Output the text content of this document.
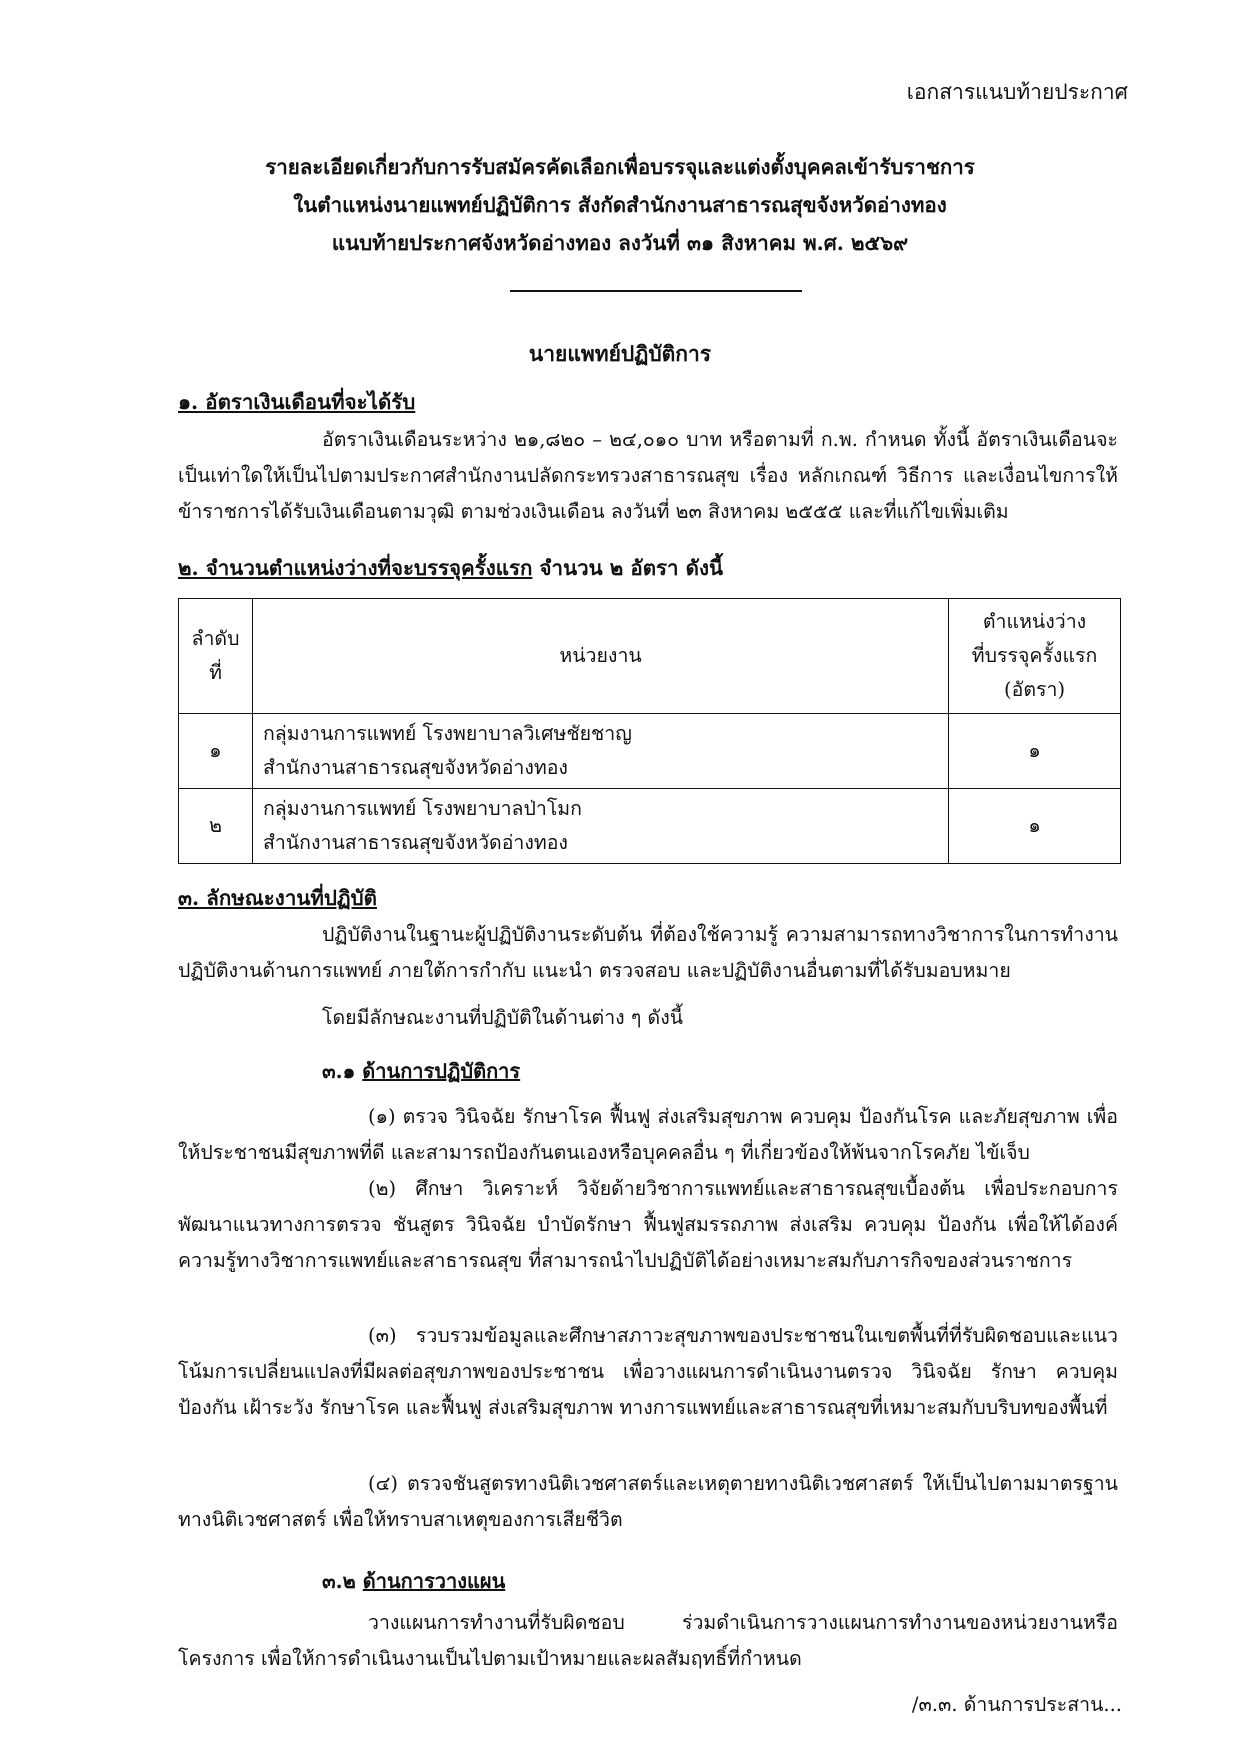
เอกสารแนบท้ายประกาศ
รายละเอียดเกี่ยวกับการรับสมัครคัดเลือกเพื่อบรรจุและแต่งตั้งบุคคลเข้ารับราชการ
ในตำแหน่งนายแพทย์ปฏิบัติการ สังกัดสำนักงานสาธารณสุขจังหวัดอ่างทอง
แนบท้ายประกาศจังหวัดอ่างทอง ลงวันที่ ๓๑ สิงหาคม พ.ศ. ๒๕๖๙
นายแพทย์ปฏิบัติการ
๑. อัตราเงินเดือนที่จะได้รับ
อัตราเงินเดือนระหว่าง ๒๑,๘๒๐ – ๒๔,๐๑๐ บาท หรือตามที่ ก.พ. กำหนด ทั้งนี้ อัตราเงินเดือนจะเป็นเท่าใดให้เป็นไปตามประกาศสำนักงานปลัดกระทรวงสาธารณสุข เรื่อง หลักเกณฑ์ วิธีการ และเงื่อนไขการให้ข้าราชการได้รับเงินเดือนตามวุฒิ ตามช่วงเงินเดือน ลงวันที่ ๒๓ สิงหาคม ๒๕๕๕ และที่แก้ไขเพิ่มเติม
๒. จำนวนตำแหน่งว่างที่จะบรรจุครั้งแรก จำนวน ๒ อัตรา ดังนี้
ลำดับที่	หน่วยงาน	ตำแหน่งว่าง
ที่บรรจุครั้งแรก
(อัตรา)

๑	กลุ่มงานการแพทย์ โรงพยาบาลวิเศษชัยชาญ
สำนักงานสาธารณสุขจังหวัดอ่างทอง	๑
๒	กลุ่มงานการแพทย์ โรงพยาบาลป่าโมก
สำนักงานสาธารณสุขจังหวัดอ่างทอง	๑
๓. ลักษณะงานที่ปฏิบัติ
ปฏิบัติงานในฐานะผู้ปฏิบัติงานระดับต้น ที่ต้องใช้ความรู้ ความสามารถทางวิชาการในการทำงาน ปฏิบัติงานด้านการแพทย์ ภายใต้การกำกับ แนะนำ ตรวจสอบ และปฏิบัติงานอื่นตามที่ได้รับมอบหมาย
โดยมีลักษณะงานที่ปฏิบัติในด้านต่าง ๆ ดังนี้
๓.๑ ด้านการปฏิบัติการ
(๑) ตรวจ วินิจฉัย รักษาโรค ฟื้นฟู ส่งเสริมสุขภาพ ควบคุม ป้องกันโรค และภัยสุขภาพ เพื่อให้ประชาชนมีสุขภาพที่ดี และสามารถป้องกันตนเองหรือบุคคลอื่น ๆ ที่เกี่ยวข้องให้พ้นจากโรคภัย ไข้เจ็บ
(๒) ศึกษา วิเคราะห์ วิจัยด้ายวิชาการแพทย์และสาธารณสุขเบื้องต้น เพื่อประกอบการพัฒนาแนวทางการตรวจ ชันสูตร วินิจฉัย บำบัดรักษา ฟื้นฟูสมรรถภาพ ส่งเสริม ควบคุม ป้องกัน เพื่อให้ได้องค์ความรู้ทางวิชาการแพทย์และสาธารณสุข ที่สามารถนำไปปฏิบัติได้อย่างเหมาะสมกับภารกิจของส่วนราชการ
(๓) รวบรวมข้อมูลและศึกษาสภาวะสุขภาพของประชาชนในเขตพื้นที่ที่รับผิดชอบและแนวโน้มการเปลี่ยนแปลงที่มีผลต่อสุขภาพของประชาชน เพื่อวางแผนการดำเนินงานตรวจ วินิจฉัย รักษา ควบคุม ป้องกัน เฝ้าระวัง รักษาโรค และฟื้นฟู ส่งเสริมสุขภาพ ทางการแพทย์และสาธารณสุขที่เหมาะสมกับบริบทของพื้นที่
(๔) ตรวจชันสูตรทางนิติเวชศาสตร์และเหตุตายทางนิติเวชศาสตร์ ให้เป็นไปตามมาตรฐานทางนิติเวชศาสตร์ เพื่อให้ทราบสาเหตุของการเสียชีวิต
๓.๒ ด้านการวางแผน
วางแผนการทำงานที่รับผิดชอบ ร่วมดำเนินการวางแผนการทำงานของหน่วยงานหรือโครงการ เพื่อให้การดำเนินงานเป็นไปตามเป้าหมายและผลสัมฤทธิ์ที่กำหนด
/๓.๓. ด้านการประสาน...
